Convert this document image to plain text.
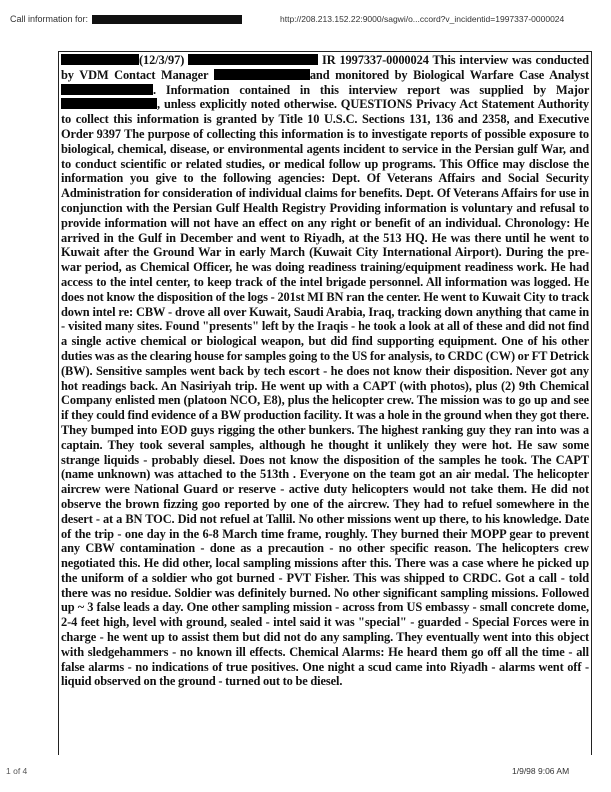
Call information for:	http://208.213.152.22:9000/sagwi/o...ccord?v_incidentid=1997337-0000024
(12/3/97)	IR 1997337-0000024 This interview was conducted by VDM Contact Manager	and monitored by Biological Warfare Case Analyst . Information contained in this interview report was supplied by Major , unless explicitly noted otherwise. QUESTIONS Privacy Act Statement Authority to collect this information is granted by Title 10 U.S.C. Sections 131, 136 and 2358, and Executive Order 9397 The purpose of collecting this information is to investigate reports of possible exposure to biological, chemical, disease, or environmental agents incident to service in the Persian gulf War, and to conduct scientific or related studies, or medical follow up programs. This Office may disclose the information you give to the following agencies: Dept. Of Veterans Affairs and Social Security Administration for consideration of individual claims for benefits. Dept. Of Veterans Affairs for use in conjunction with the Persian Gulf Health Registry Providing information is voluntary and refusal to provide information will not have an effect on any right or benefit of an individual. Chronology: He arrived in the Gulf in December and went to Riyadh, at the 513 HQ. He was there until he went to Kuwait after the Ground War in early March (Kuwait City International Airport). During the pre-war period, as Chemical Officer, he was doing readiness training/equipment readiness work. He had access to the intel center, to keep track of the intel brigade personnel. All information was logged. He does not know the disposition of the logs - 201st MI BN ran the center. He went to Kuwait City to track down intel re: CBW - drove all over Kuwait, Saudi Arabia, Iraq, tracking down anything that came in - visited many sites. Found "presents" left by the Iraqis - he took a look at all of these and did not find a single active chemical or biological weapon, but did find supporting equipment. One of his other duties was as the clearing house for samples going to the US for analysis, to CRDC (CW) or FT Detrick (BW). Sensitive samples went back by tech escort - he does not know their disposition. Never got any hot readings back. An Nasiriyah trip. He went up with a CAPT (with photos), plus (2) 9th Chemical Company enlisted men (platoon NCO, E8), plus the helicopter crew. The mission was to go up and see if they could find evidence of a BW production facility. It was a hole in the ground when they got there. They bumped into EOD guys rigging the other bunkers. The highest ranking guy they ran into was a captain. They took several samples, although he thought it unlikely they were hot. He saw some strange liquids - probably diesel. Does not know the disposition of the samples he took. The CAPT (name unknown) was attached to the 513th . Everyone on the team got an air medal. The helicopter aircrew were National Guard or reserve - active duty helicopters would not take them. He did not observe the brown fizzing goo reported by one of the aircrew. They had to refuel somewhere in the desert - at a BN TOC. Did not refuel at Tallil. No other missions went up there, to his knowledge. Date of the trip - one day in the 6-8 March time frame, roughly. They burned their MOPP gear to prevent any CBW contamination - done as a precaution - no other specific reason. The helicopters crew negotiated this. He did other, local sampling missions after this. There was a case where he picked up the uniform of a soldier who got burned - PVT Fisher. This was shipped to CRDC. Got a call - told there was no residue. Soldier was definitely burned. No other significant sampling missions. Followed up ~ 3 false leads a day. One other sampling mission - across from US embassy - small concrete dome, 2-4 feet high, level with ground, sealed - intel said it was "special" - guarded - Special Forces were in charge - he went up to assist them but did not do any sampling. They eventually went into this object with sledgehammers - no known ill effects. Chemical Alarms: He heard them go off all the time - all false alarms - no indications of true positives. One night a scud came into Riyadh - alarms went off - liquid observed on the ground - turned out to be diesel.
1 of 4	1/9/98 9:06 AM
